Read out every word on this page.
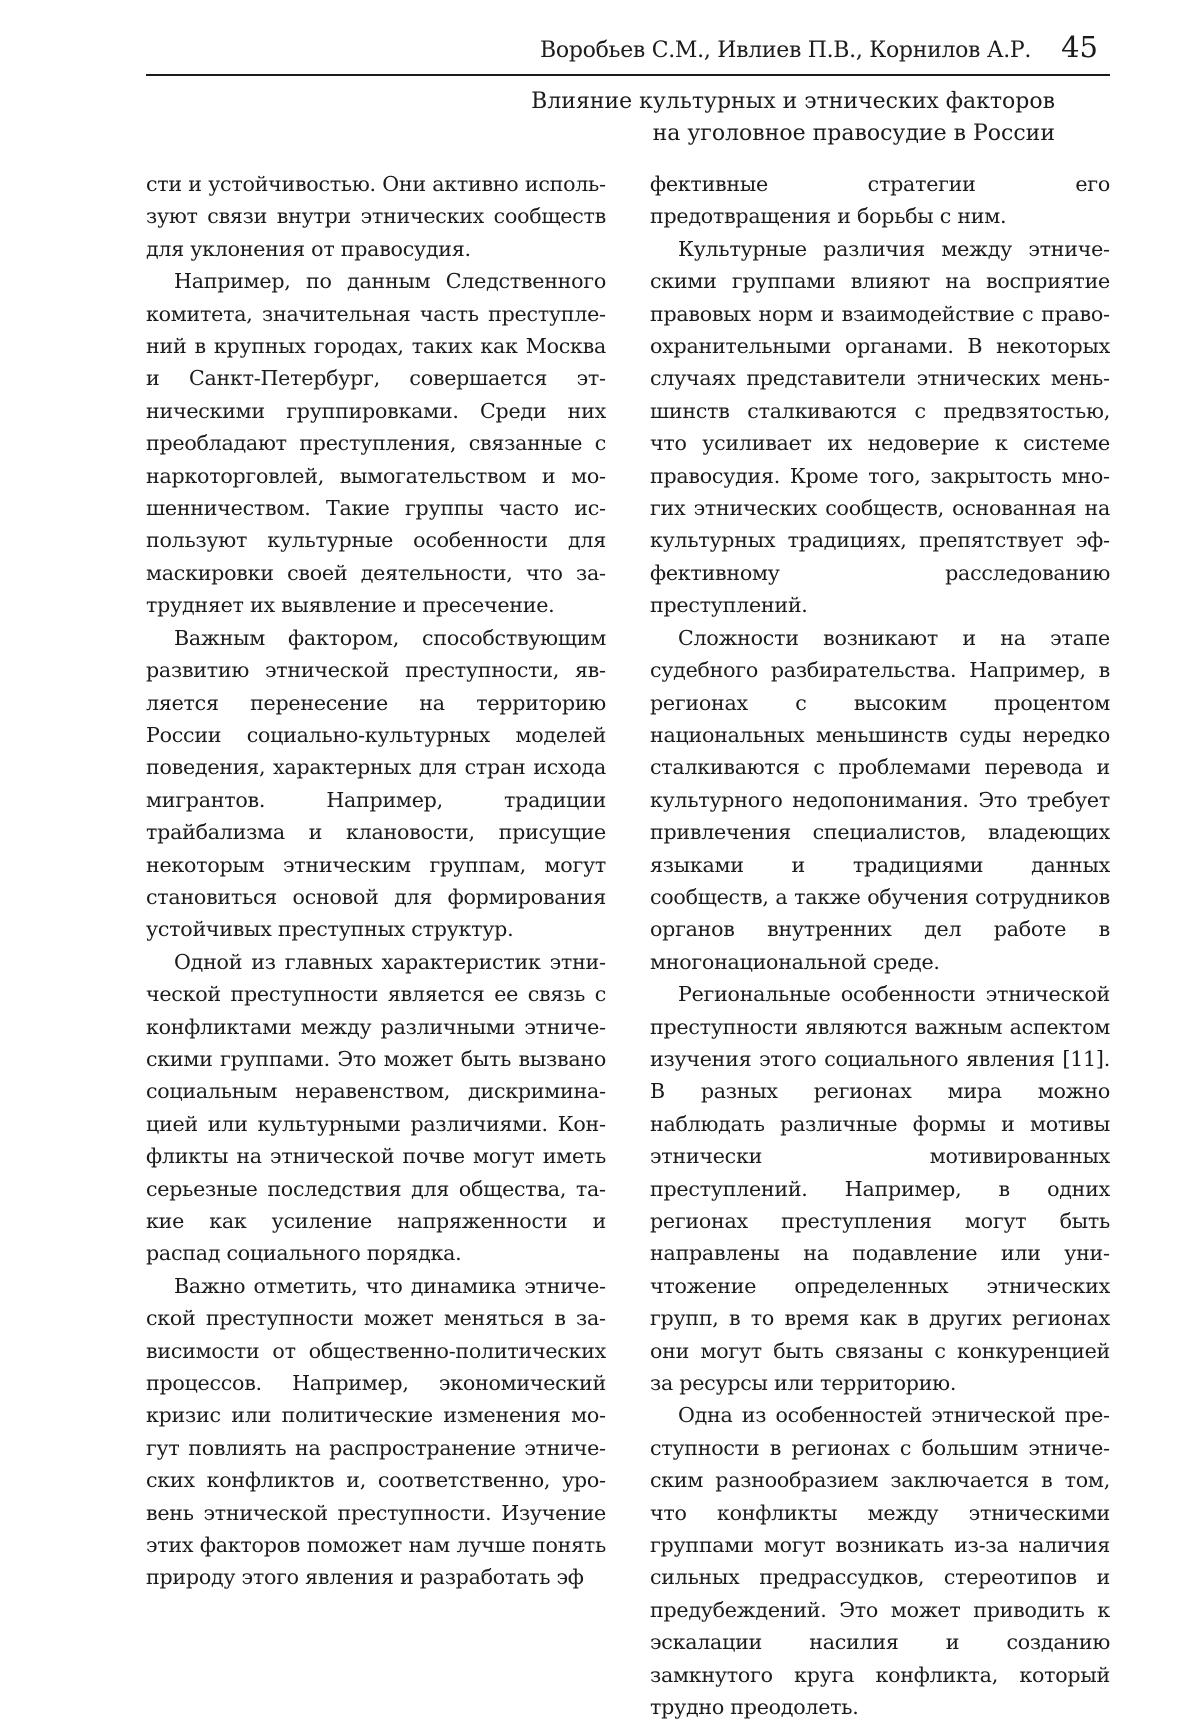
Воробьев С.М., Ивлиев П.В., Корнилов А.Р. 45
Влияние культурных и этнических факторов
на уголовное правосудие в России

сти и устойчивостью. Они активно используют связи внутри этнических сообществ для уклонения от правосудия.

Например, по данным Следственного комитета, значительная часть преступлений в крупных городах, таких как Москва и Санкт-Петербург, совершается этническими группировками. Среди них преобладают преступления, связанные с наркоторговлей, вымогательством и мошенничеством. Такие группы часто используют культурные особенности для маскировки своей деятельности, что затрудняет их выявление и пресечение.

Важным фактором, способствующим развитию этнической преступности, является перенесение на территорию России социально-культурных моделей поведения, характерных для стран исхода мигрантов. Например, традиции трайбализма и клановости, присущие некоторым этническим группам, могут становиться основой для формирования устойчивых преступных структур.

Одной из главных характеристик этнической преступности является ее связь с конфликтами между различными этническими группами. Это может быть вызвано социальным неравенством, дискриминацией или культурными различиями. Конфликты на этнической почве могут иметь серьезные последствия для общества, такие как усиление напряженности и распад социального порядка.

Важно отметить, что динамика этнической преступности может меняться в зависимости от общественно-политических процессов. Например, экономический кризис или политические изменения могут повлиять на распространение этнических конфликтов и, соответственно, уровень этнической преступности. Изучение этих факторов поможет нам лучше понять природу этого явления и разработать эф

фективные стратегии его предотвращения и борьбы с ним.

Культурные различия между этническими группами влияют на восприятие правовых норм и взаимодействие с правоохранительными органами. В некоторых случаях представители этнических меньшинств сталкиваются с предвзятостью, что усиливает их недоверие к системе правосудия. Кроме того, закрытость многих этнических сообществ, основанная на культурных традициях, препятствует эффективному расследованию преступлений.

Сложности возникают и на этапе судебного разбирательства. Например, в регионах с высоким процентом национальных меньшинств суды нередко сталкиваются с проблемами перевода и культурного недопонимания. Это требует привлечения специалистов, владеющих языками и традициями данных сообществ, а также обучения сотрудников органов внутренних дел работе в многонациональной среде.

Региональные особенности этнической преступности являются важным аспектом изучения этого социального явления [11]. В разных регионах мира можно наблюдать различные формы и мотивы этнически мотивированных преступлений. Например, в одних регионах преступления могут быть направлены на подавление или уничтожение определенных этнических групп, в то время как в других регионах они могут быть связаны с конкуренцией за ресурсы или территорию.

Одна из особенностей этнической преступности в регионах с большим этническим разнообразием заключается в том, что конфликты между этническими группами могут возникать из-за наличия сильных предрассудков, стереотипов и предубеждений. Это может приводить к эскалации насилия и созданию замкнутого круга конфликта, который трудно преодолеть.
